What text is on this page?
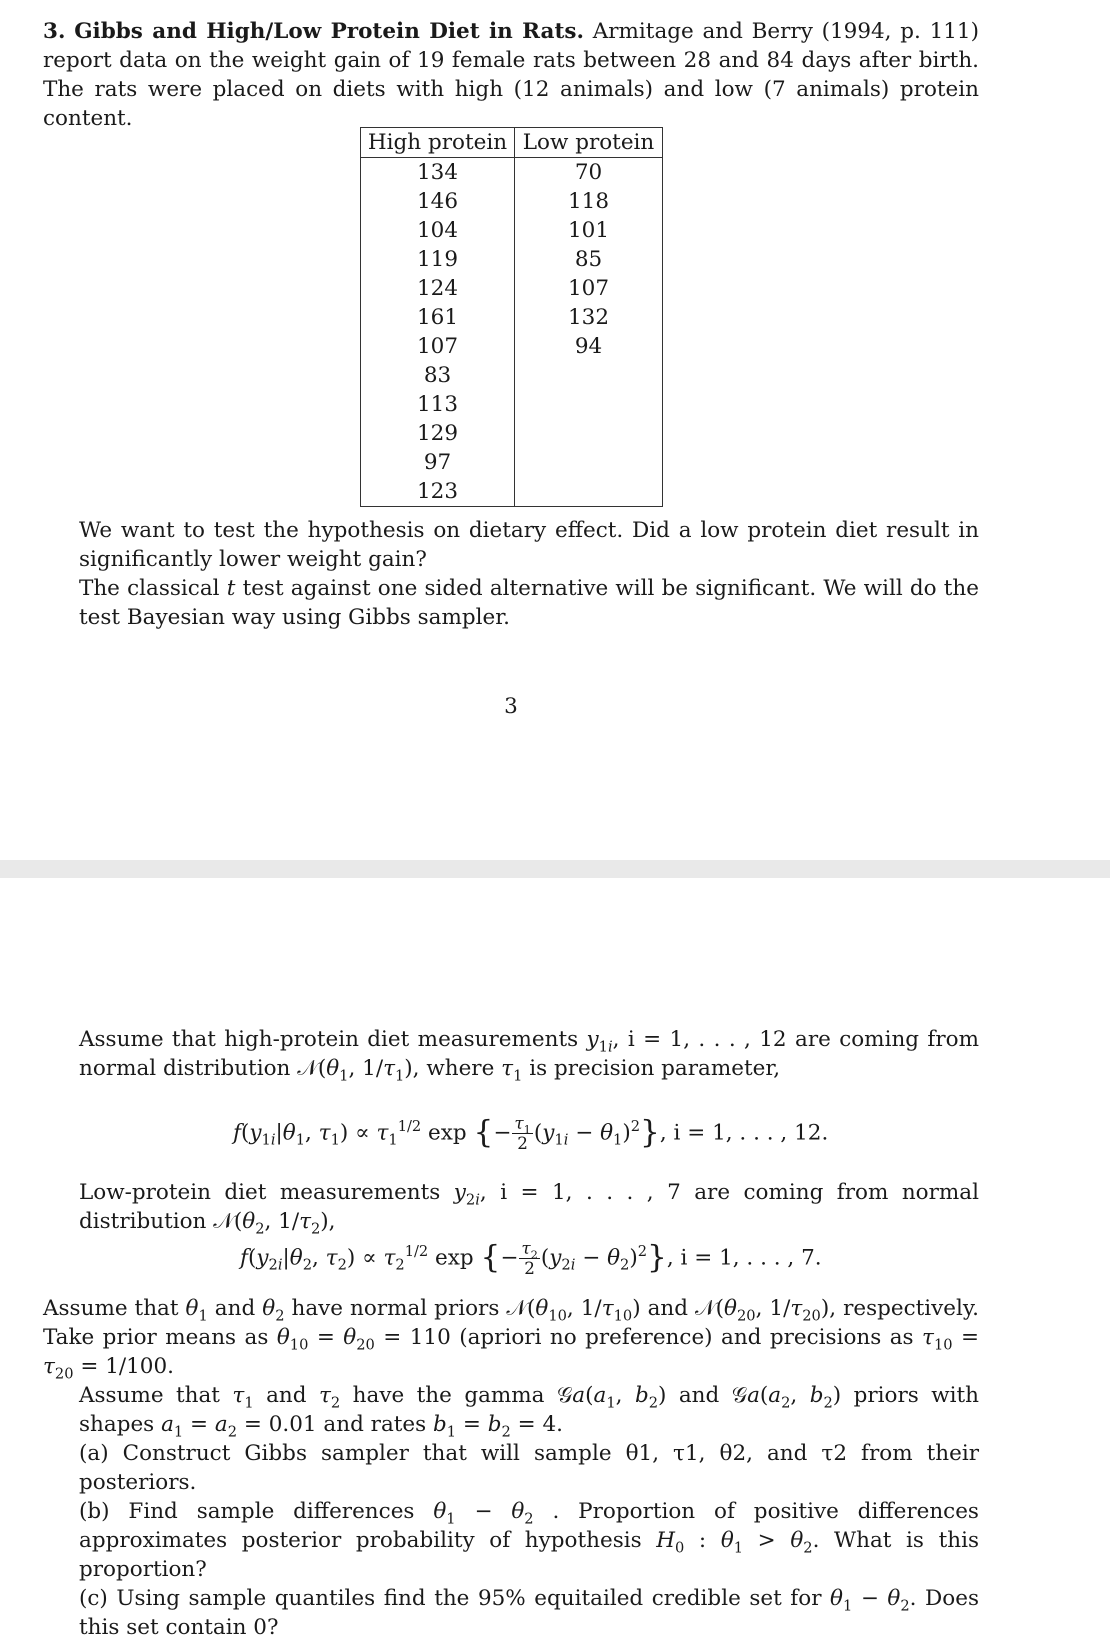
3. Gibbs and High/Low Protein Diet in Rats. Armitage and Berry (1994, p. 111) report data on the weight gain of 19 female rats between 28 and 84 days after birth. The rats were placed on diets with high (12 animals) and low (7 animals) protein content.
High protein	Low protein
134	70
146	118
104	101
119	85
124	107
161	132
107	94
83	
113	
129	
97	
123	
We want to test the hypothesis on dietary effect. Did a low protein diet result in significantly lower weight gain?
The classical t test against one sided alternative will be significant. We will do the test Bayesian way using Gibbs sampler.
3
Assume that high-protein diet measurements $y_{1i}$, i = 1, . . . , 12 are coming from normal distribution $𝒩(\theta_1$, $1/\tau_1$), where $\tau_1$ is precision parameter,
$f(y_{1i}|\theta_1$, $\tau_1) \propto \tau_1^{1/2}$ exp {− $\frac{\tau_1}{2} (y_{1i} - \theta_1)^2$}, i = 1, . . . , 12.
Low-protein diet measurements $y_{2i}$, i = 1, . . . , 7 are coming from normal distribution $𝒩(\theta_2$, $1/\tau_2$),
$f(y_{2i}|\theta_2$, $\tau_2) \propto \tau_2^{1/2}$ exp {− $\frac{\tau_2}{2} (y_{2i} - \theta_2)^2$}, i = 1, . . . , 7.
Assume that $\theta_1$ and $\theta_2$ have normal priors $𝒩(\theta_{10}$, $1/\tau_{10}$) and $𝒩(\theta_{20}$, $1/\tau_{20}$), respectively. Take prior means as $\theta_{10} = \theta_{20} = 110$ (apriori no preference) and precisions as $\tau_{10} = \tau_{20} = 1/100$.
Assume that $\tau_1$ and $\tau_2$ have the gamma $𝒢a(a_1$, $b_2$) and $𝒢a(a_2$, $b_2$) priors with shapes $a_1 = a_2 = 0.01$ and rates $b_1 = b_2 = 4$.
(a) Construct Gibbs sampler that will sample θ1, τ1, θ2, and τ2 from their posteriors.
(b) Find sample differences $\theta_1 - \theta_2$ . Proportion of positive differences approximates posterior probability of hypothesis $H_0$ : $\theta_1 > \theta_2$. What is this proportion?
(c) Using sample quantiles find the 95% equitailed credible set for $\theta_1 - \theta_2$. Does this set contain 0?
